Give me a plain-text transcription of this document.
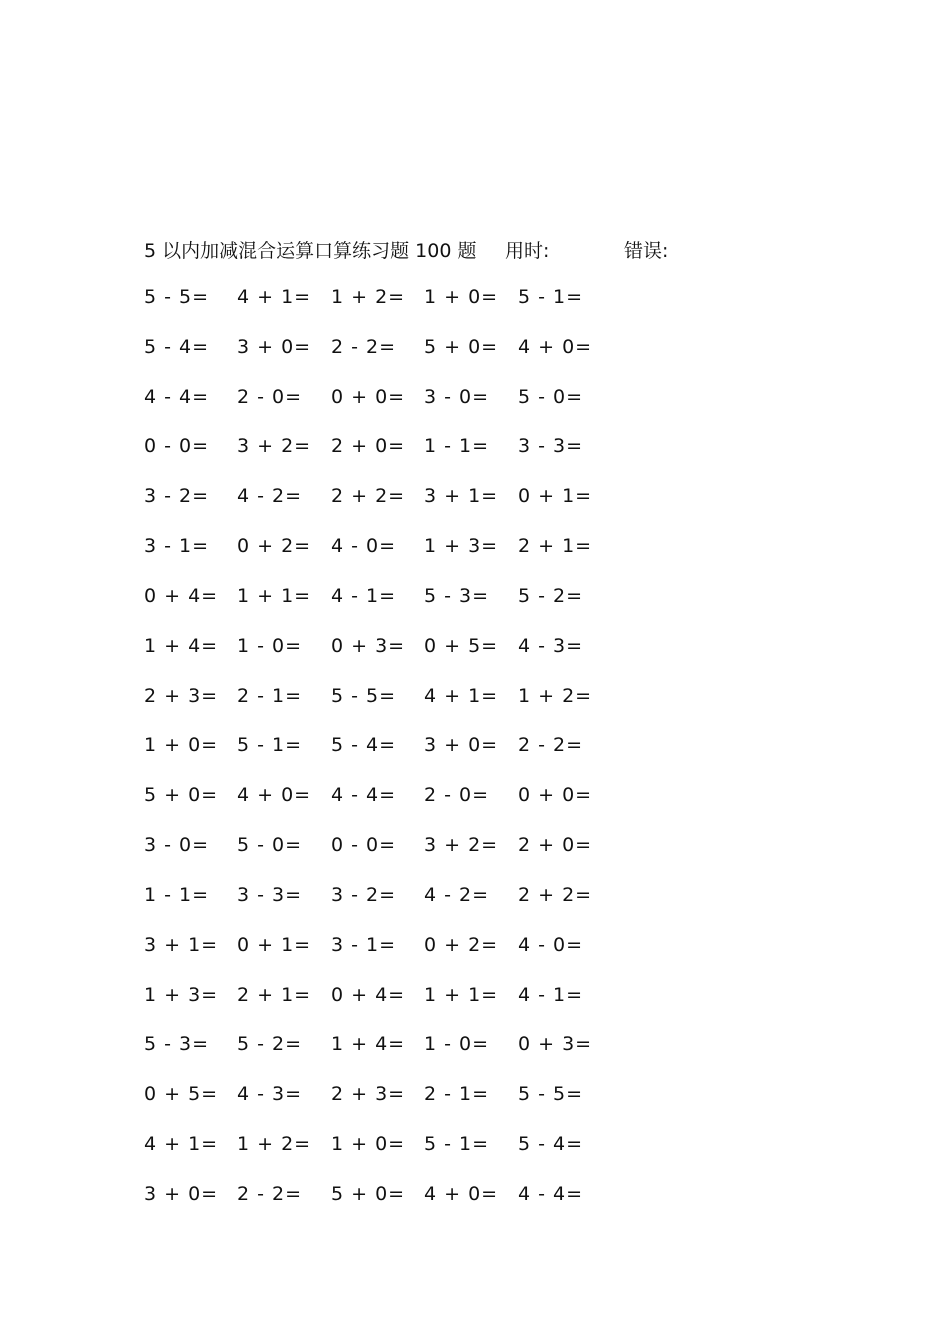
5 以内加减混合运算口算练习题 100 题 用时:	错误:
5 - 5= 4 + 1= 1 + 2= 1 + 0= 5 - 1=
5 - 4= 3 + 0= 2 - 2= 5 + 0= 4 + 0=
4 - 4= 2 - 0= 0 + 0= 3 - 0= 5 - 0=
0 - 0= 3 + 2= 2 + 0= 1 - 1= 3 - 3=
3 - 2= 4 - 2= 2 + 2= 3 + 1= 0 + 1=
3 - 1= 0 + 2= 4 - 0= 1 + 3= 2 + 1=
0 + 4= 1 + 1= 4 - 1= 5 - 3= 5 - 2=
1 + 4= 1 - 0= 0 + 3= 0 + 5= 4 - 3=
2 + 3= 2 - 1= 5 - 5= 4 + 1= 1 + 2=
1 + 0= 5 - 1= 5 - 4= 3 + 0= 2 - 2=
5 + 0= 4 + 0= 4 - 4= 2 - 0= 0 + 0=
3 - 0= 5 - 0= 0 - 0= 3 + 2= 2 + 0=
1 - 1= 3 - 3= 3 - 2= 4 - 2= 2 + 2=
3 + 1= 0 + 1= 3 - 1= 0 + 2= 4 - 0=
1 + 3= 2 + 1= 0 + 4= 1 + 1= 4 - 1=
5 - 3= 5 - 2= 1 + 4= 1 - 0= 0 + 3=
0 + 5= 4 - 3= 2 + 3= 2 - 1= 5 - 5=
4 + 1= 1 + 2= 1 + 0= 5 - 1= 5 - 4=
3 + 0= 2 - 2= 5 + 0= 4 + 0= 4 - 4=
